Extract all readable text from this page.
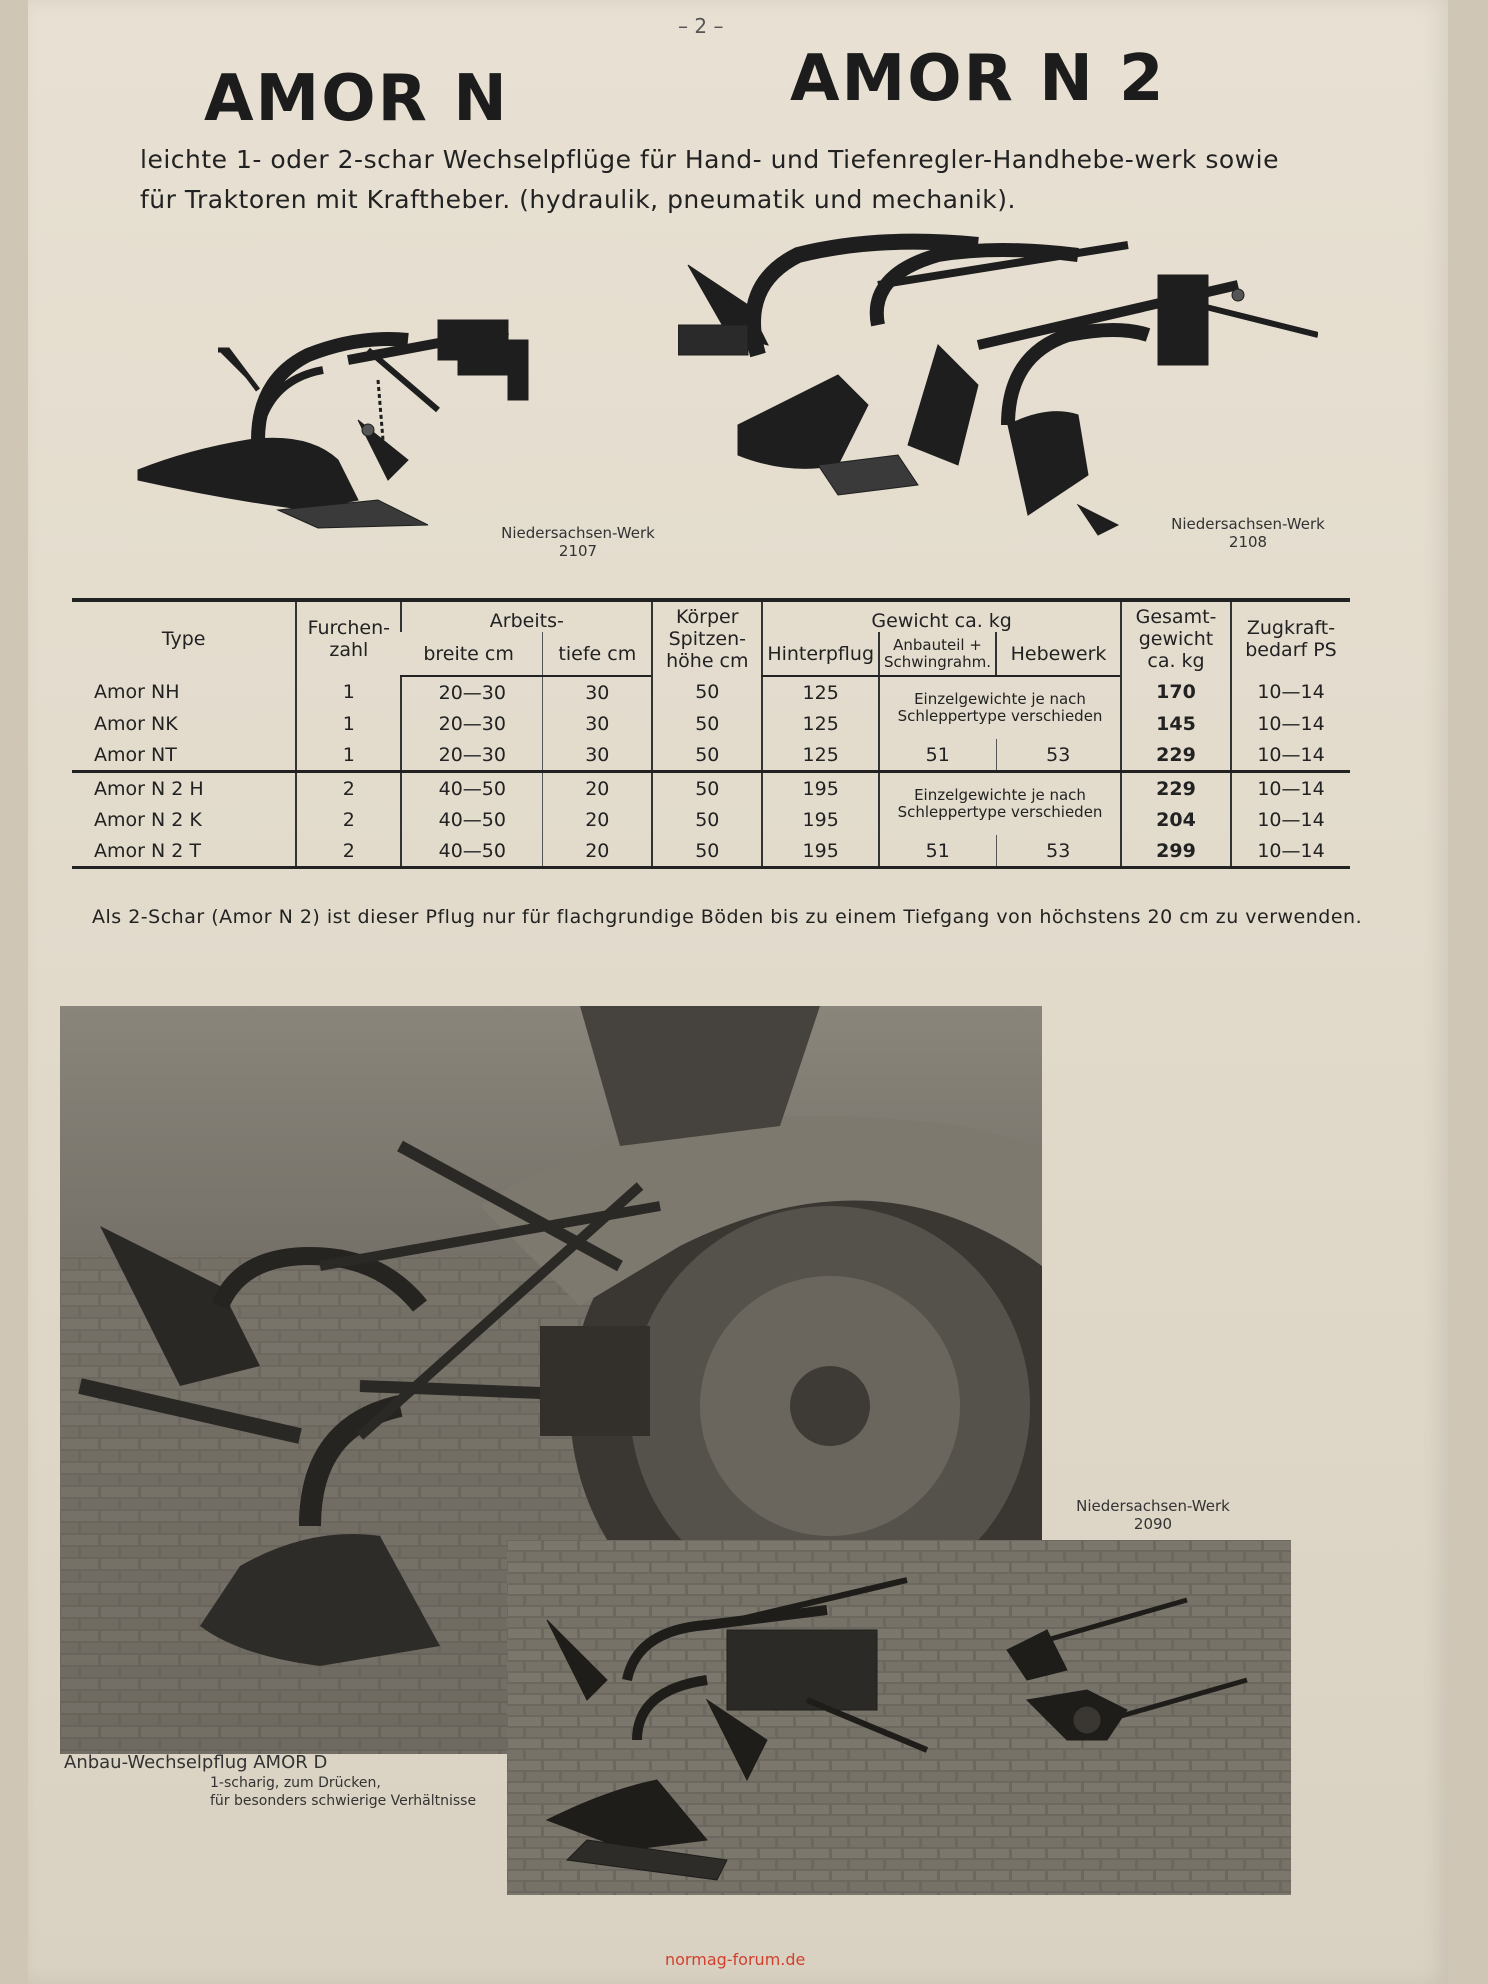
– 2 –
AMOR N	AMOR N 2
leichte 1- oder 2-schar Wechselpflüge für Hand- und Tiefenregler-Handhebe-werk sowie für Traktoren mit Kraftheber. (hydraulik, pneumatik und mechanik).
Niedersachsen-Werk
2107
Niedersachsen-Werk
2108
Type	Furchen-zahl	Arbeits-		Körper Spitzen-höhe cm	Gewicht ca. kg			Gesamt-gewicht ca. kg	Zugkraft-bedarf PS
		breite cm	tiefe cm		Hinterpflug	Anbauteil + Schwingrahm.	Hebewerk		
Amor NH	1	20—30	30	50	125	Einzelgewichte je nach Schleppertype verschieden		170	10—14
Amor NK	1	20—30	30	50	125			145	10—14
Amor NT	1	20—30	30	50	125	51	53	229	10—14
Amor N 2 H	2	40—50	20	50	195	Einzelgewichte je nach Schleppertype verschieden		229	10—14
Amor N 2 K	2	40—50	20	50	195			204	10—14
Amor N 2 T	2	40—50	20	50	195	51	53	299	10—14
Als 2-Schar (Amor N 2) ist dieser Pflug nur für flachgrundige Böden bis zu einem Tiefgang von höchstens 20 cm zu verwenden.
Niedersachsen-Werk
2090
Anbau-Wechselpflug AMOR D
1-scharig, zum Drücken,
für besonders schwierige Verhältnisse
normag-forum.de
